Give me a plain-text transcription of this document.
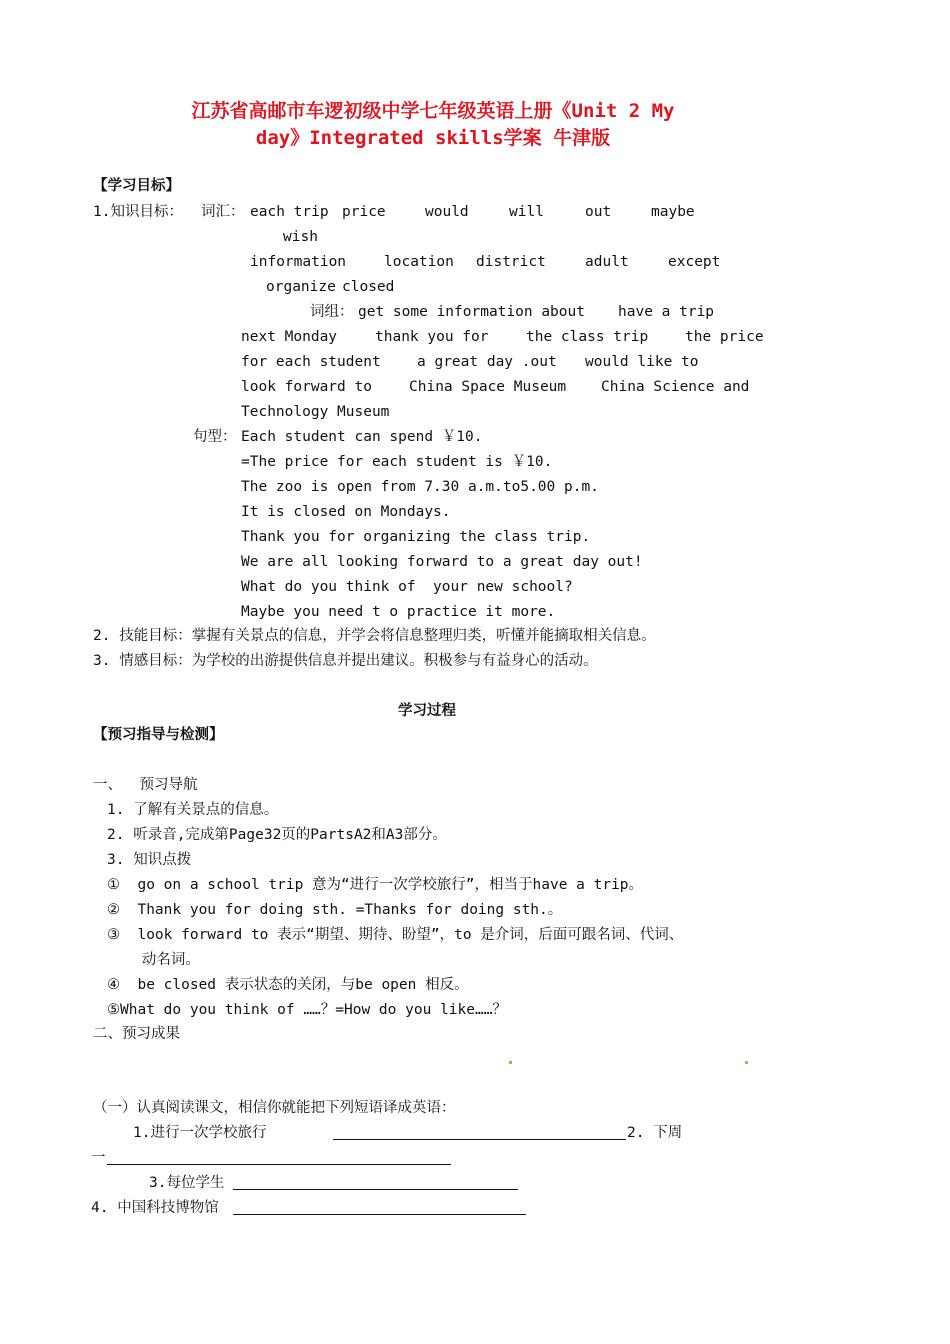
江苏省高邮市车逻初级中学七年级英语上册《Unit 2 My
day》Integrated skills学案 牛津版
【学习目标】
1.知识目标： 词汇： each trip price	would	will	out	maybe
wish
information	location district	adult	except
organize closed
词组： get some information about have a trip
next Monday	thank you for	the class trip	the price
for each student	a great day .out would like to
look forward to	China Space Museum China Science and
Technology Museum
句型： Each student can spend ￥10.
=The price for each student is ￥10.
The zoo is open from 7.30 a.m.to5.00 p.m.
It is closed on Mondays.
Thank you for organizing the class trip.
We are all looking forward to a great day out!
What do you think of  your new school?
Maybe you need t o practice it more.
2. 技能目标：掌握有关景点的信息，并学会将信息整理归类，听懂并能摘取相关信息。
3. 情感目标：为学校的出游提供信息并提出建议。积极参与有益身心的活动。
学习过程
【预习指导与检测】
一、  预习导航
1. 了解有关景点的信息。
2. 听录音,完成第Page32页的PartsA2和A3部分。
3. 知识点拨
①  go on a school trip 意为“进行一次学校旅行”，相当于have a trip。
②  Thank you for doing sth. =Thanks for doing sth.。
③  look forward to 表示“期望、期待、盼望”，to 是介词，后面可跟名词、代词、
动名词。
④  be closed 表示状态的关闭，与be open 相反。
⑤What do you think of ……？=How do you like……？
二、预习成果
（一）认真阅读课文，相信你就能把下列短语译成英语：
1.进行一次学校旅行	2. 下周
一
3.每位学生
4. 中国科技博物馆
